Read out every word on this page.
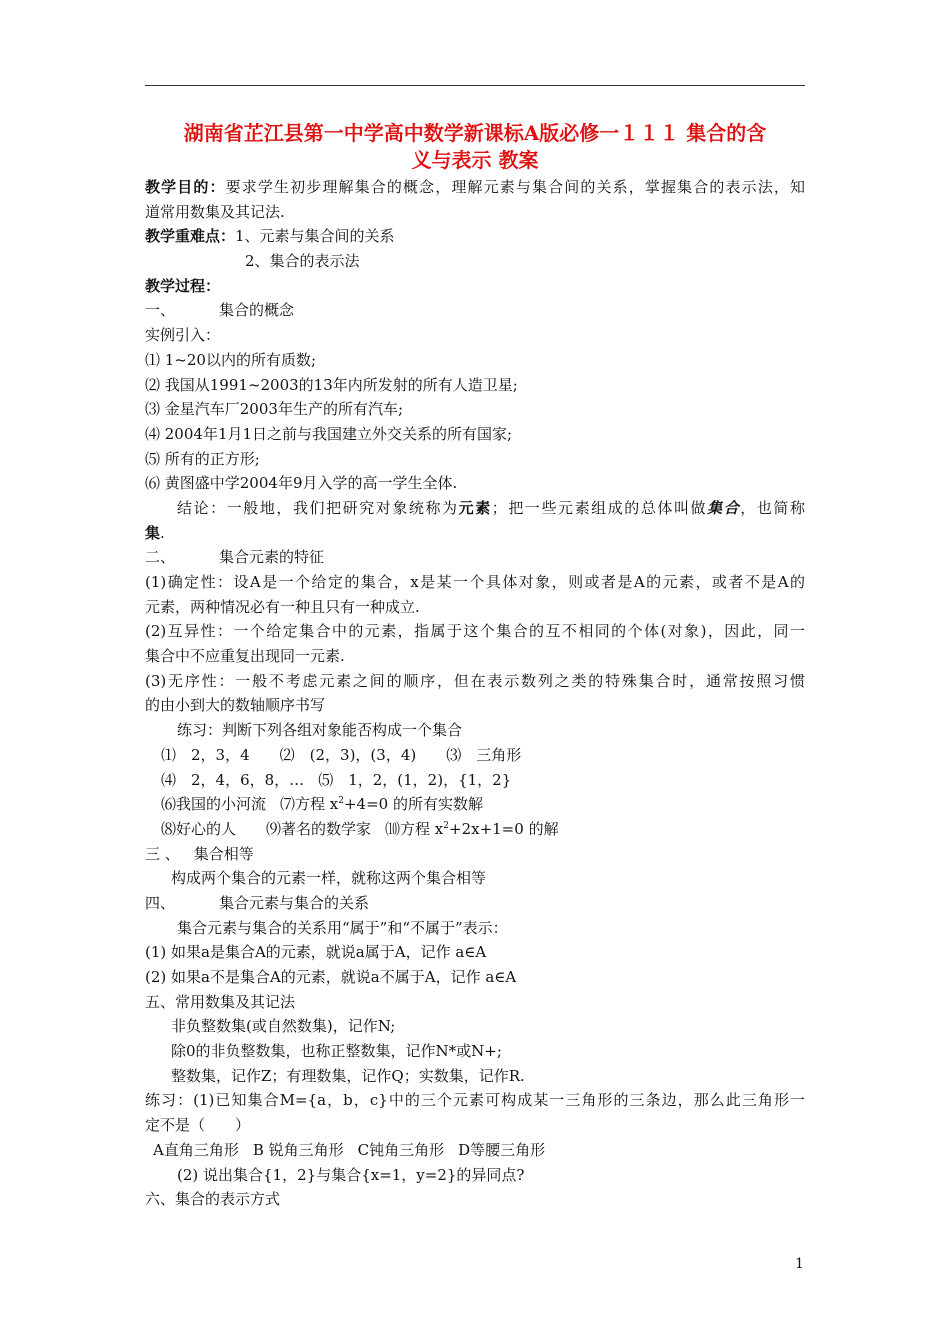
湖南省芷江县第一中学高中数学新课标A版必修一１１１ 集合的含
义与表示 教案
教学目的：要求学生初步理解集合的概念，理解元素与集合间的关系，掌握集合的表示法，知
道常用数集及其记法.
教学重难点：1、元素与集合间的关系
2、集合的表示法
教学过程：
一、	集合的概念
实例引入：
⑴ 1~20以内的所有质数;
⑵ 我国从1991~2003的13年内所发射的所有人造卫星;
⑶ 金星汽车厂2003年生产的所有汽车;
⑷ 2004年1月1日之前与我国建立外交关系的所有国家;
⑸ 所有的正方形;
⑹ 黄图盛中学2004年9月入学的高一学生全体.
结论：一般地，我们把研究对象统称为元素；把一些元素组成的总体叫做集合，也简称
集.
二、	集合元素的特征
(1)确定性：设A是一个给定的集合，x是某一个具体对象，则或者是A的元素，或者不是A的
元素，两种情况必有一种且只有一种成立.
(2)互异性：一个给定集合中的元素，指属于这个集合的互不相同的个体(对象)，因此，同一
集合中不应重复出现同一元素.
(3)无序性：一般不考虑元素之间的顺序，但在表示数列之类的特殊集合时，通常按照习惯
的由小到大的数轴顺序书写
练习：判断下列各组对象能否构成一个集合
⑴　2，3，4 ⑵　(2，3)，(3，4) ⑶　三角形
⑷　2，4，6，8，… ⑸　1，2，(1，2)，{1，2}
⑹我国的小河流 ⑺方程 $x^2+4=0$ 的所有实数解
⑻好心的人 ⑼著名的数学家 ⑽方程 $x^2+2x+1=0$ 的解
三 、 集合相等
构成两个集合的元素一样，就称这两个集合相等
四、	集合元素与集合的关系
集合元素与集合的关系用“属于”和“不属于”表示：
(1) 如果a是集合A的元素，就说a属于A，记作 a∈A
(2) 如果a不是集合A的元素，就说a不属于A，记作 a∈A
五、常用数集及其记法
非负整数集(或自然数集)，记作N;
除0的非负整数集，也称正整数集，记作N*或N+;
整数集，记作Z；有理数集，记作Q；实数集，记作R.
练习：(1)已知集合M={a，b，c}中的三个元素可构成某一三角形的三条边，那么此三角形一
定不是（　　）
A直角三角形 B 锐角三角形 C钝角三角形 D等腰三角形
(2) 说出集合{1，2}与集合{x=1，y=2}的异同点?
六、集合的表示方式
1
